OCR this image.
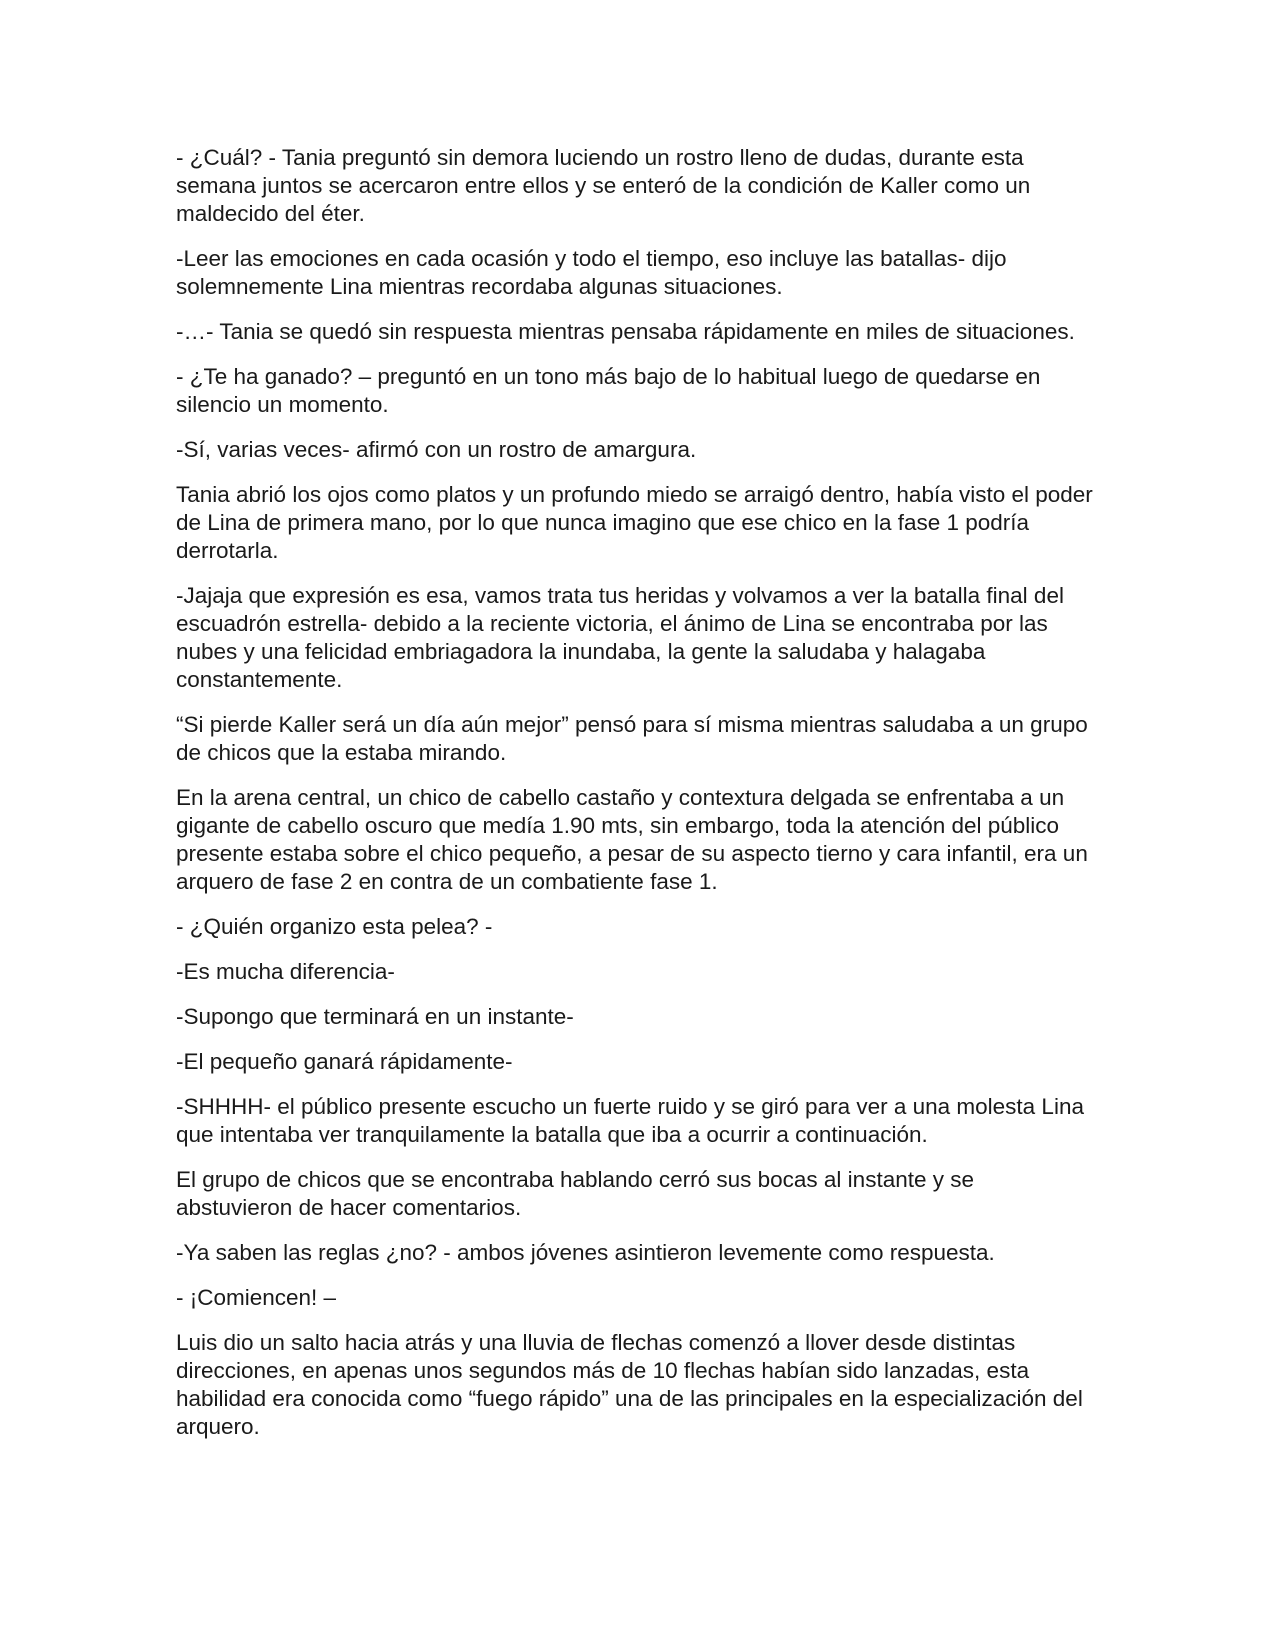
- ¿Cuál? - Tania preguntó sin demora luciendo un rostro lleno de dudas, durante esta semana juntos se acercaron entre ellos y se enteró de la condición de Kaller como un maldecido del éter.

-Leer las emociones en cada ocasión y todo el tiempo, eso incluye las batallas- dijo solemnemente Lina mientras recordaba algunas situaciones.

-…- Tania se quedó sin respuesta mientras pensaba rápidamente en miles de situaciones.

- ¿Te ha ganado? – preguntó en un tono más bajo de lo habitual luego de quedarse en silencio un momento.

-Sí, varias veces- afirmó con un rostro de amargura.

Tania abrió los ojos como platos y un profundo miedo se arraigó dentro, había visto el poder de Lina de primera mano, por lo que nunca imagino que ese chico en la fase 1 podría derrotarla.

-Jajaja que expresión es esa, vamos trata tus heridas y volvamos a ver la batalla final del escuadrón estrella- debido a la reciente victoria, el ánimo de Lina se encontraba por las nubes y una felicidad embriagadora la inundaba, la gente la saludaba y halagaba constantemente.

“Si pierde Kaller será un día aún mejor” pensó para sí misma mientras saludaba a un grupo de chicos que la estaba mirando.

En la arena central, un chico de cabello castaño y contextura delgada se enfrentaba a un gigante de cabello oscuro que medía 1.90 mts, sin embargo, toda la atención del público presente estaba sobre el chico pequeño, a pesar de su aspecto tierno y cara infantil, era un arquero de fase 2 en contra de un combatiente fase 1.

- ¿Quién organizo esta pelea? -

-Es mucha diferencia-

-Supongo que terminará en un instante-

-El pequeño ganará rápidamente-

-SHHHH- el público presente escucho un fuerte ruido y se giró para ver a una molesta Lina que intentaba ver tranquilamente la batalla que iba a ocurrir a continuación.

El grupo de chicos que se encontraba hablando cerró sus bocas al instante y se abstuvieron de hacer comentarios.

-Ya saben las reglas ¿no? - ambos jóvenes asintieron levemente como respuesta.

- ¡Comiencen! –

Luis dio un salto hacia atrás y una lluvia de flechas comenzó a llover desde distintas direcciones, en apenas unos segundos más de 10 flechas habían sido lanzadas, esta habilidad era conocida como “fuego rápido” una de las principales en la especialización del arquero.
